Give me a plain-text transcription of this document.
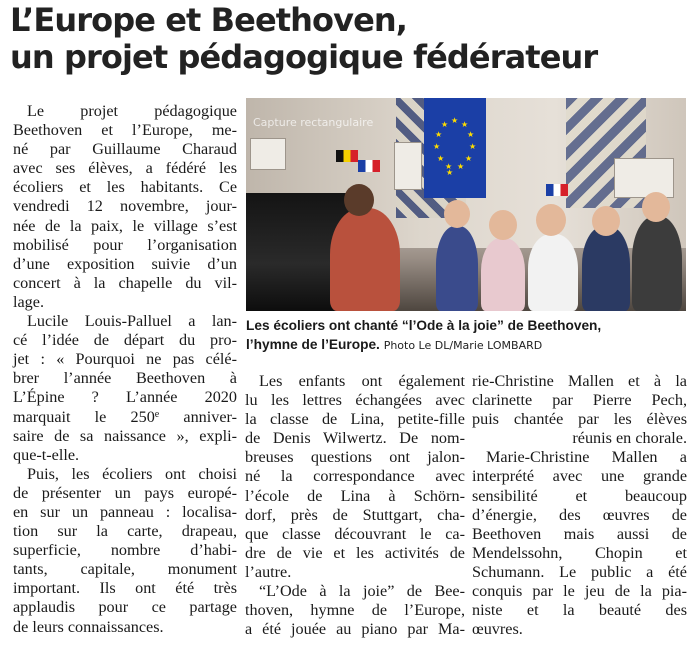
L’Europe et Beethoven,
un projet pédagogique fédérateur
Le projet pédagogique
Beethoven et l’Europe, me-
né par Guillaume Charaud
avec ses élèves, a fédéré les
écoliers et les habitants. Ce
vendredi 12 novembre, jour-
née de la paix, le village s’est
mobilisé pour l’organisation
d’une exposition suivie d’un
concert à la chapelle du vil-
lage.
Lucile Louis-Palluel a lan-
cé l’idée de départ du pro-
jet : « Pourquoi ne pas célé-
brer l’année Beethoven à
L’Épine ? L’année 2020
marquait le 250e anniver-
saire de sa naissance », expli-
que-t-elle.
Puis, les écoliers ont choisi
de présenter un pays europé-
en sur un panneau : localisa-
tion sur la carte, drapeau,
superficie, nombre d’habi-
tants, capitale, monument
important. Ils ont été très
applaudis pour ce partage
de leurs connaissances.
★ ★
★
★
★
★
★
★
★
★
★
★
Capture rectangulaire
Les écoliers ont chanté “l’Ode à la joie” de Beethoven,
l’hymne de l’Europe. Photo Le DL/Marie LOMBARD
Les enfants ont également
lu les lettres échangées avec
la classe de Lina, petite-fille
de Denis Wilwertz. De nom-
breuses questions ont jalon-
né la correspondance avec
l’école de Lina à Schörn-
dorf, près de Stuttgart, cha-
que classe découvrant le ca-
dre de vie et les activités de
l’autre.
“L’Ode à la joie” de Bee-
thoven, hymne de l’Europe,
a été jouée au piano par Ma-
rie-Christine Mallen et à la
clarinette par Pierre Pech,
puis chantée par les élèves
réunis en chorale.
Marie-Christine Mallen a
interprété avec une grande
sensibilité et beaucoup
d’énergie, des œuvres de
Beethoven mais aussi de
Mendelssohn, Chopin et
Schumann. Le public a été
conquis par le jeu de la pia-
niste et la beauté des
œuvres.
